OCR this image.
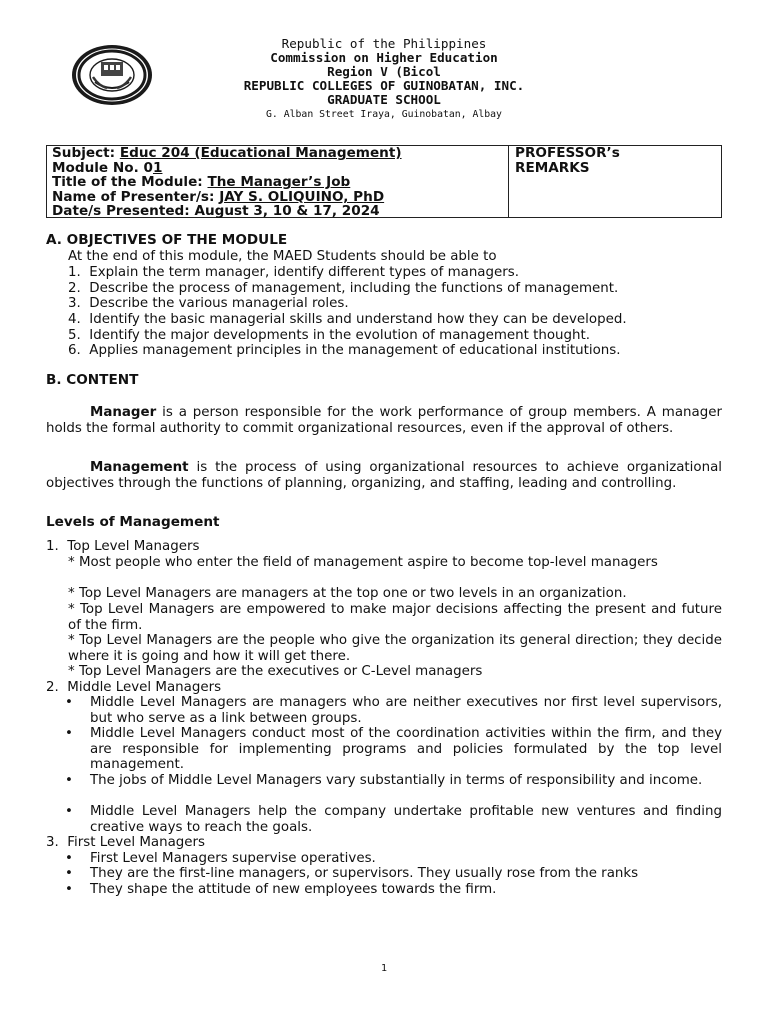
Republic of the Philippines
Commission on Higher Education
Region V (Bicol
REPUBLIC COLLEGES OF GUINOBATAN, INC.
GRADUATE SCHOOL
G. Alban Street Iraya, Guinobatan, Albay
Subject: Educ 204 (Educational Management)
Module No. 01
Title of the Module: The Manager’s Job
Name of Presenter/s: JAY S. OLIQUINO, PhD
Date/s Presented: August 3, 10 & 17, 2024
PROFESSOR’s
REMARKS
A. OBJECTIVES OF THE MODULE
At the end of this module, the MAED Students should be able to
1. Explain the term manager, identify different types of managers.
2. Describe the process of management, including the functions of management.
3. Describe the various managerial roles.
4. Identify the basic managerial skills and understand how they can be developed.
5. Identify the major developments in the evolution of management thought.
6. Applies management principles in the management of educational institutions.
B. CONTENT
Manager is a person responsible for the work performance of group members. A manager holds the formal authority to commit organizational resources, even if the approval of others.
Management is the process of using organizational resources to achieve organizational objectives through the functions of planning, organizing, and staffing, leading and controlling.
Levels of Management
1. Top Level Managers
* Most people who enter the field of management aspire to become top-level managers
* Top Level Managers are managers at the top one or two levels in an organization.
* Top Level Managers are empowered to make major decisions affecting the present and future of the firm.
* Top Level Managers are the people who give the organization its general direction; they decide where it is going and how it will get there.
* Top Level Managers are the executives or C-Level managers
2. Middle Level Managers
• Middle Level Managers are managers who are neither executives nor first level supervisors, but who serve as a link between groups.
• Middle Level Managers conduct most of the coordination activities within the firm, and they are responsible for implementing programs and policies formulated by the top level management.
• The jobs of Middle Level Managers vary substantially in terms of responsibility and income.
• Middle Level Managers help the company undertake profitable new ventures and finding creative ways to reach the goals.
3. First Level Managers
• First Level Managers supervise operatives.
• They are the first-line managers, or supervisors. They usually rose from the ranks
• They shape the attitude of new employees towards the firm.
1
